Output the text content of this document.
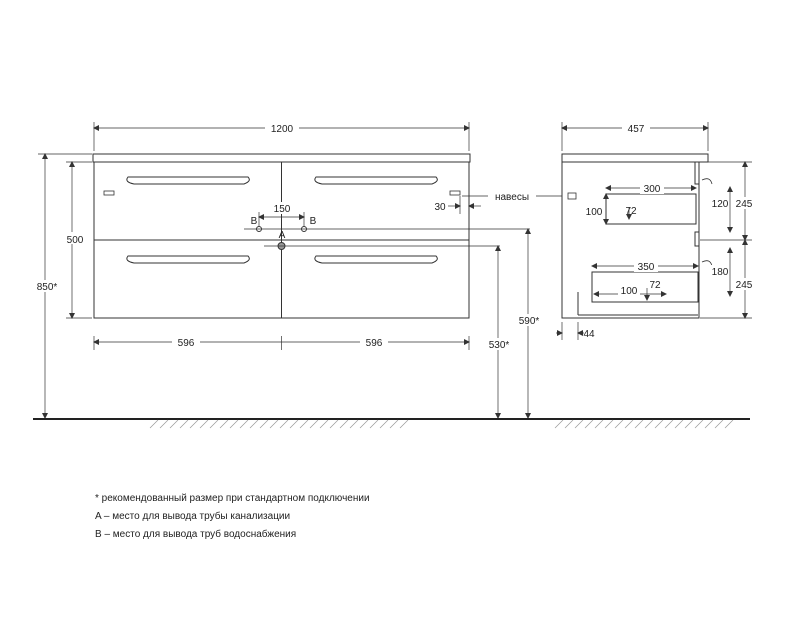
1200
500
850*
596	596
150
B	B
A
30
навесы
530*
590*
457
300
100 72
350
100
72
120 245
180
245
44
* рекомендованный размер при стандартном подключении
A – место для вывода трубы канализации
B – место для вывода труб водоснабжения
